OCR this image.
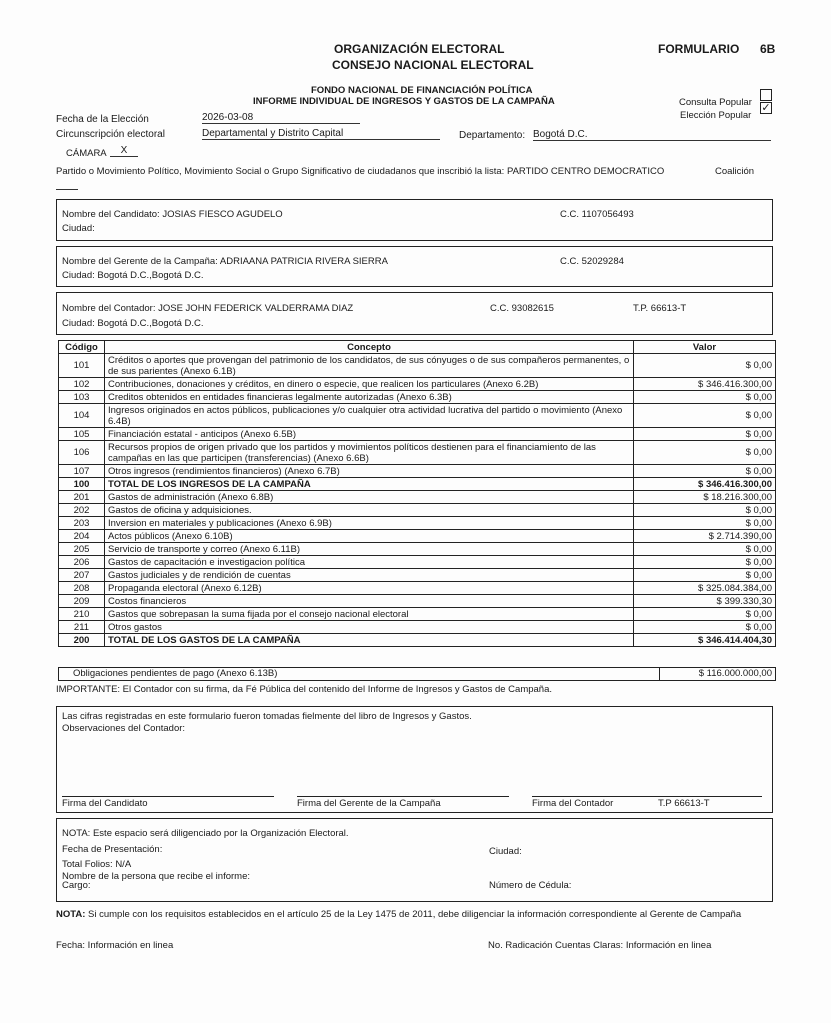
ORGANIZACIÓN ELECTORAL
CONSEJO NACIONAL ELECTORAL
FORMULARIO 6B
FONDO NACIONAL DE FINANCIACIÓN POLÍTICA
INFORME INDIVIDUAL DE INGRESOS Y GASTOS DE LA CAMPAÑA	Consulta Popular
Elección Popular
✓
Fecha de la Elección	2026-03-08
Circunscripción electoral	Departamental y Distrito Capital	Departamento: Bogotá D.C.
CÁMARA	X
Partido o Movimiento Político, Movimiento Social o Grupo Significativo de ciudadanos que inscribió la lista: PARTIDO CENTRO DEMOCRATICO	Coalición
Nombre del Candidato: JOSIAS FIESCO AGUDELO	C.C. 1107056493
Ciudad:
Nombre del Gerente de la Campaña: ADRIAANA PATRICIA RIVERA SIERRA	C.C. 52029284
Ciudad: Bogotá D.C.,Bogotá D.C.
Nombre del Contador: JOSE JOHN FEDERICK VALDERRAMA DIAZ	C.C. 93082615	T.P. 66613-T
Ciudad: Bogotá D.C.,Bogotá D.C.
Código	Concepto	Valor
101	Créditos o aportes que provengan del patrimonio de los candidatos, de sus cónyuges o de sus compañeros permanentes, o de sus parientes (Anexo 6.1B)	$ 0,00
102	Contribuciones, donaciones y créditos, en dinero o especie, que realicen los particulares (Anexo 6.2B)	$ 346.416.300,00
103	Creditos obtenidos en entidades financieras legalmente autorizadas (Anexo 6.3B)	$ 0,00
104	Ingresos originados en actos públicos, publicaciones y/o cualquier otra actividad lucrativa del partido o movimiento (Anexo 6.4B)	$ 0,00
105	Financiación estatal - anticipos (Anexo 6.5B)	$ 0,00
106	Recursos propios de origen privado que los partidos y movimientos políticos destienen para el financiamiento de las campañas en las que participen (transferencias) (Anexo 6.6B)	$ 0,00
107	Otros ingresos (rendimientos financieros) (Anexo 6.7B)	$ 0,00
100	TOTAL DE LOS INGRESOS DE LA CAMPAÑA	$ 346.416.300,00
201	Gastos de administración (Anexo 6.8B)	$ 18.216.300,00
202	Gastos de oficina y adquisiciones.	$ 0,00
203	Inversion en materiales y publicaciones (Anexo 6.9B)	$ 0,00
204	Actos públicos (Anexo 6.10B)	$ 2.714.390,00
205	Servicio de transporte y correo (Anexo 6.11B)	$ 0,00
206	Gastos de capacitación e investigacion política	$ 0,00
207	Gastos judiciales y de rendición de cuentas	$ 0,00
208	Propaganda electoral (Anexo 6.12B)	$ 325.084.384,00
209	Costos financieros	$ 399.330,30
210	Gastos que sobrepasan la suma fijada por el consejo nacional electoral	$ 0,00
211	Otros gastos	$ 0,00
200	TOTAL DE LOS GASTOS DE LA CAMPAÑA	$ 346.414.404,30
Obligaciones pendientes de pago (Anexo 6.13B)	$ 116.000.000,00
IMPORTANTE: El Contador con su firma, da Fé Pública del contenido del Informe de Ingresos y Gastos de Campaña.
Las cifras registradas en este formulario fueron tomadas fielmente del libro de Ingresos y Gastos.
Observaciones del Contador:
Firma del Candidato	Firma del Gerente de la Campaña	Firma del Contador	T.P 66613-T
NOTA: Este espacio será diligenciado por la Organización Electoral.
Fecha de Presentación:	Ciudad:
Total Folios: N/A
Nombre de la persona que recibe el informe:
Cargo:	Número de Cédula:
NOTA: Si cumple con los requisitos establecidos en el artículo 25 de la Ley 1475 de 2011, debe diligenciar la información correspondiente al Gerente de Campaña
Fecha: Información en linea	No. Radicación Cuentas Claras: Información en linea
